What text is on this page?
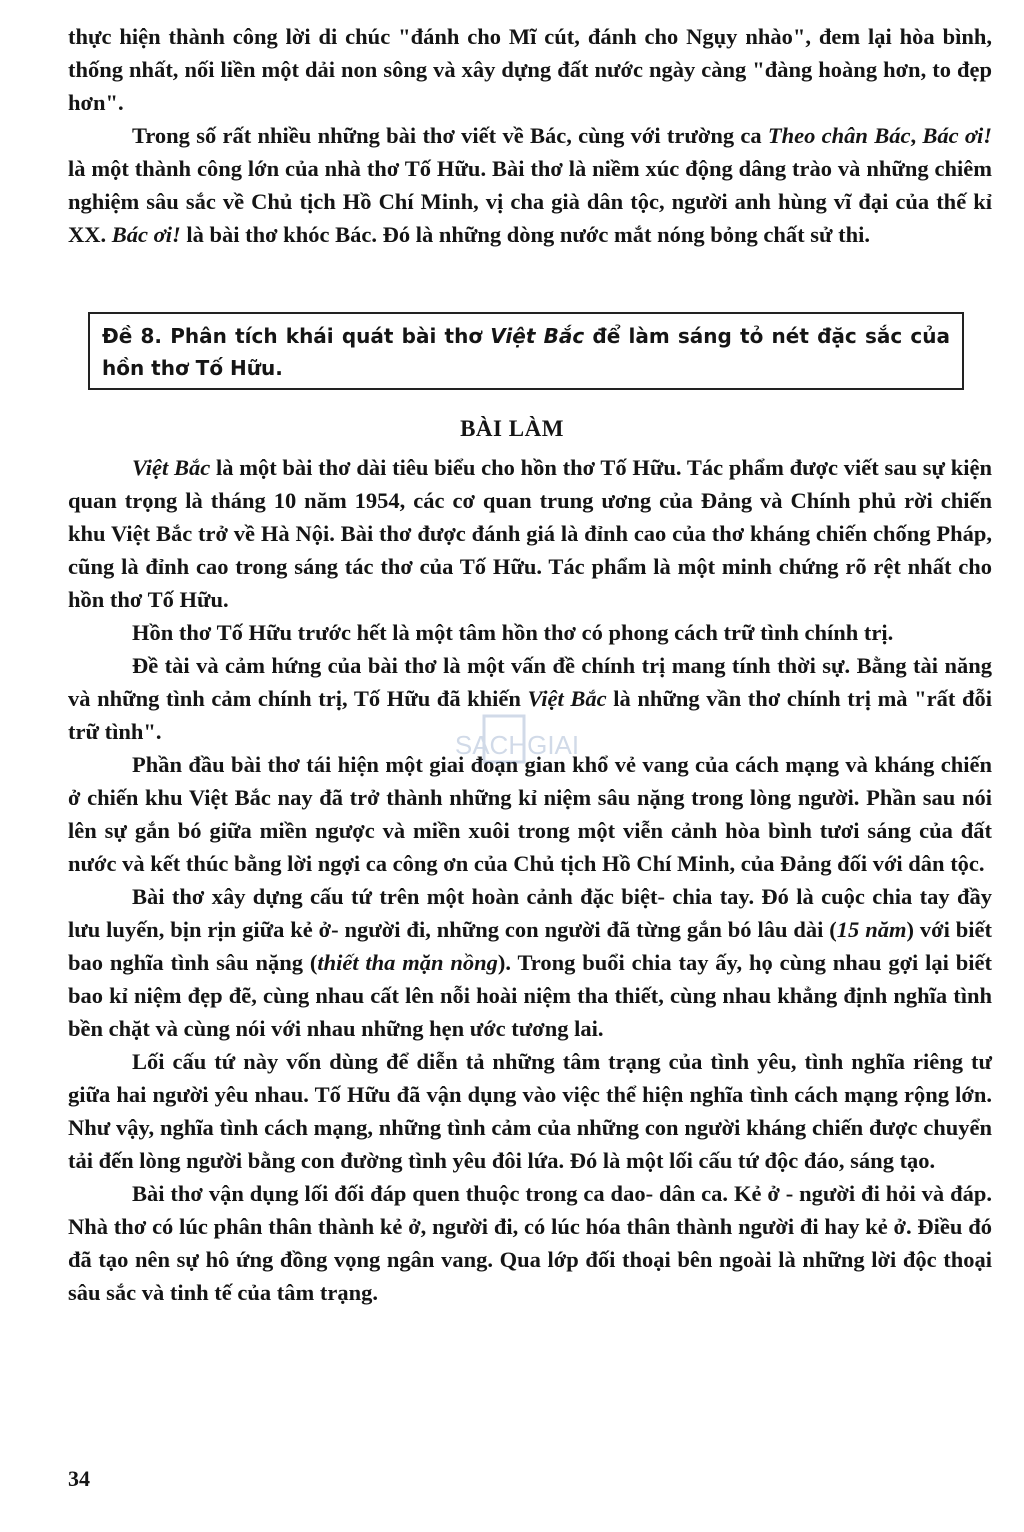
thực hiện thành công lời di chúc "đánh cho Mĩ cút, đánh cho Ngụy nhào", đem lại hòa bình, thống nhất, nối liền một dải non sông và xây dựng đất nước ngày càng "đàng hoàng hơn, to đẹp hơn".

Trong số rất nhiều những bài thơ viết về Bác, cùng với trường ca Theo chân Bác, Bác ơi! là một thành công lớn của nhà thơ Tố Hữu. Bài thơ là niềm xúc động dâng trào và những chiêm nghiệm sâu sắc về Chủ tịch Hồ Chí Minh, vị cha già dân tộc, người anh hùng vĩ đại của thế kỉ XX. Bác ơi! là bài thơ khóc Bác. Đó là những dòng nước mắt nóng bỏng chất sử thi.

Đề 8. Phân tích khái quát bài thơ Việt Bắc để làm sáng tỏ nét đặc sắc của hồn thơ Tố Hữu.

BÀI LÀM

Việt Bắc là một bài thơ dài tiêu biểu cho hồn thơ Tố Hữu. Tác phẩm được viết sau sự kiện quan trọng là tháng 10 năm 1954, các cơ quan trung ương của Đảng và Chính phủ rời chiến khu Việt Bắc trở về Hà Nội. Bài thơ được đánh giá là đỉnh cao của thơ kháng chiến chống Pháp, cũng là đỉnh cao trong sáng tác thơ của Tố Hữu. Tác phẩm là một minh chứng rõ rệt nhất cho hồn thơ Tố Hữu.

Hồn thơ Tố Hữu trước hết là một tâm hồn thơ có phong cách trữ tình chính trị.

Đề tài và cảm hứng của bài thơ là một vấn đề chính trị mang tính thời sự. Bằng tài năng và những tình cảm chính trị, Tố Hữu đã khiến Việt Bắc là những vần thơ chính trị mà "rất đỗi trữ tình".

Phần đầu bài thơ tái hiện một giai đoạn gian khổ vẻ vang của cách mạng và kháng chiến ở chiến khu Việt Bắc nay đã trở thành những kỉ niệm sâu nặng trong lòng người. Phần sau nói lên sự gắn bó giữa miền ngược và miền xuôi trong một viễn cảnh hòa bình tươi sáng của đất nước và kết thúc bằng lời ngợi ca công ơn của Chủ tịch Hồ Chí Minh, của Đảng đối với dân tộc.

Bài thơ xây dựng cấu tứ trên một hoàn cảnh đặc biệt- chia tay. Đó là cuộc chia tay đầy lưu luyến, bịn rịn giữa kẻ ở- người đi, những con người đã từng gắn bó lâu dài (15 năm) với biết bao nghĩa tình sâu nặng (thiết tha mặn nồng). Trong buổi chia tay ấy, họ cùng nhau gợi lại biết bao kỉ niệm đẹp đẽ, cùng nhau cất lên nỗi hoài niệm tha thiết, cùng nhau khẳng định nghĩa tình bền chặt và cùng nói với nhau những hẹn ước tương lai.

Lối cấu tứ này vốn dùng để diễn tả những tâm trạng của tình yêu, tình nghĩa riêng tư giữa hai người yêu nhau. Tố Hữu đã vận dụng vào việc thể hiện nghĩa tình cách mạng rộng lớn. Như vậy, nghĩa tình cách mạng, những tình cảm của những con người kháng chiến được chuyển tải đến lòng người bằng con đường tình yêu đôi lứa. Đó là một lối cấu tứ độc đáo, sáng tạo.

Bài thơ vận dụng lối đối đáp quen thuộc trong ca dao- dân ca. Kẻ ở - người đi hỏi và đáp. Nhà thơ có lúc phân thân thành kẻ ở, người đi, có lúc hóa thân thành người đi hay kẻ ở. Điều đó đã tạo nên sự hô ứng đồng vọng ngân vang. Qua lớp đối thoại bên ngoài là những lời độc thoại sâu sắc và tinh tế của tâm trạng.

SACHGIAI
34
